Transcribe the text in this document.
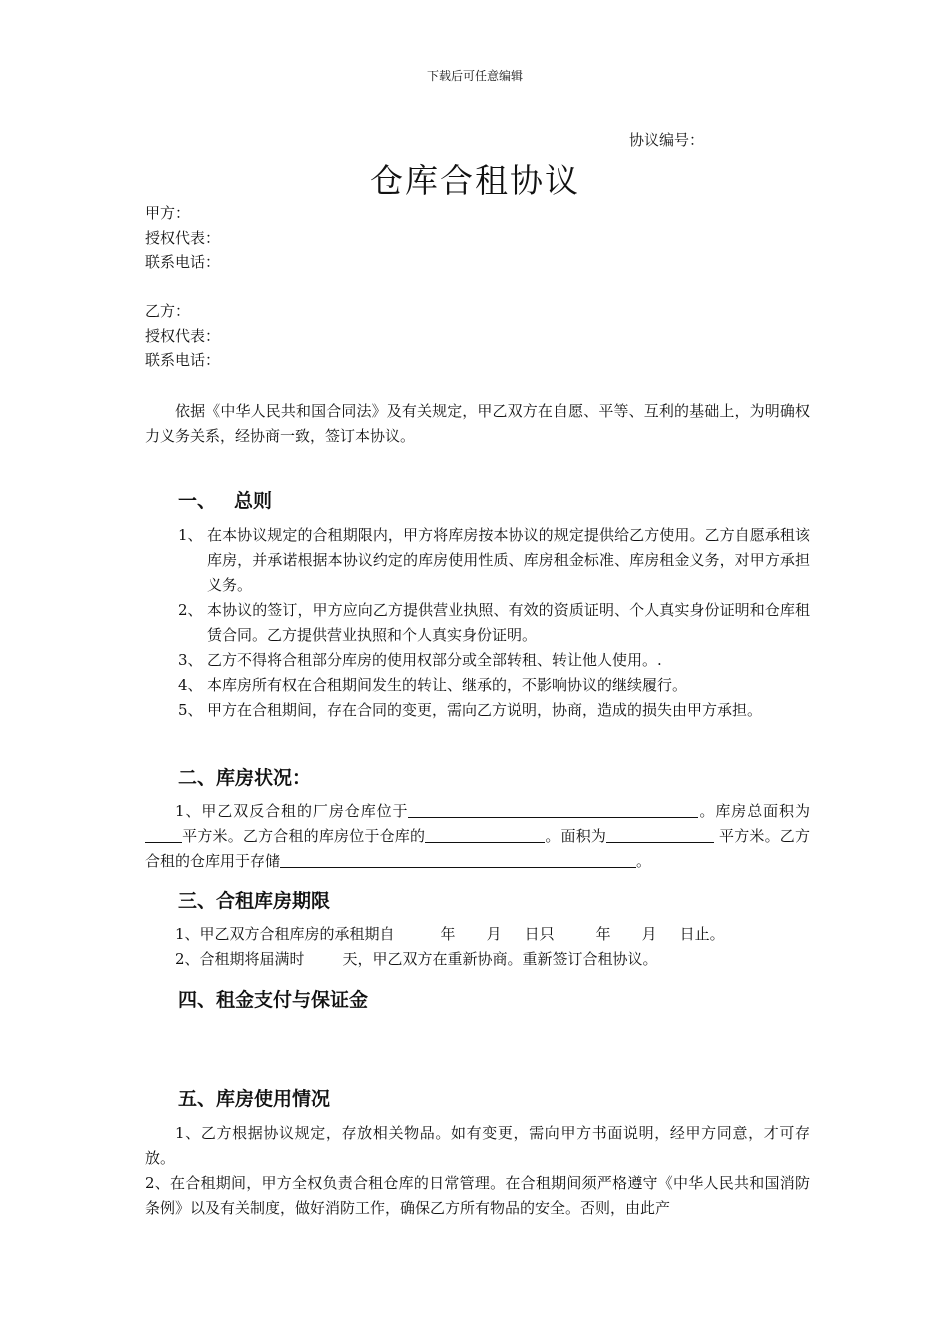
下载后可任意编辑
协议编号：
仓库合租协议
甲方：
授权代表：
联系电话：
乙方：
授权代表：
联系电话：
依据《中华人民共和国合同法》及有关规定，甲乙双方在自愿、平等、互利的基础上，为明确权力义务关系，经协商一致，签订本协议。
一、 总则
1、 在本协议规定的合租期限内，甲方将库房按本协议的规定提供给乙方使用。乙方自愿承租该库房，并承诺根据本协议约定的库房使用性质、库房租金标准、库房租金义务，对甲方承担义务。
2、 本协议的签订，甲方应向乙方提供营业执照、有效的资质证明、个人真实身份证明和仓库租赁合同。乙方提供营业执照和个人真实身份证明。
3、 乙方不得将合租部分库房的使用权部分或全部转租、转让他人使用。.
4、 本库房所有权在合租期间发生的转让、继承的，不影响协议的继续履行。
5、 甲方在合租期间，存在合同的变更，需向乙方说明，协商，造成的损失由甲方承担。
二、库房状况：
1、甲乙双反合租的厂房仓库位于	。库房总面积为平方米。乙方合租的库房位于仓库的	。面积为	平方米。乙方合租的仓库用于存储	。
三、合租库房期限
1、甲乙双方合租库房的承租期自	年 月 日只	年 月 日止。
2、合租期将届满时	天，甲乙双方在重新协商。重新签订合租协议。
四、租金支付与保证金
五、库房使用情况
1、乙方根据协议规定，存放相关物品。如有变更，需向甲方书面说明，经甲方同意，才可存放。
2、在合租期间，甲方全权负责合租仓库的日常管理。在合租期间须严格遵守《中华人民共和国消防条例》以及有关制度，做好消防工作，确保乙方所有物品的安全。否则，由此产
